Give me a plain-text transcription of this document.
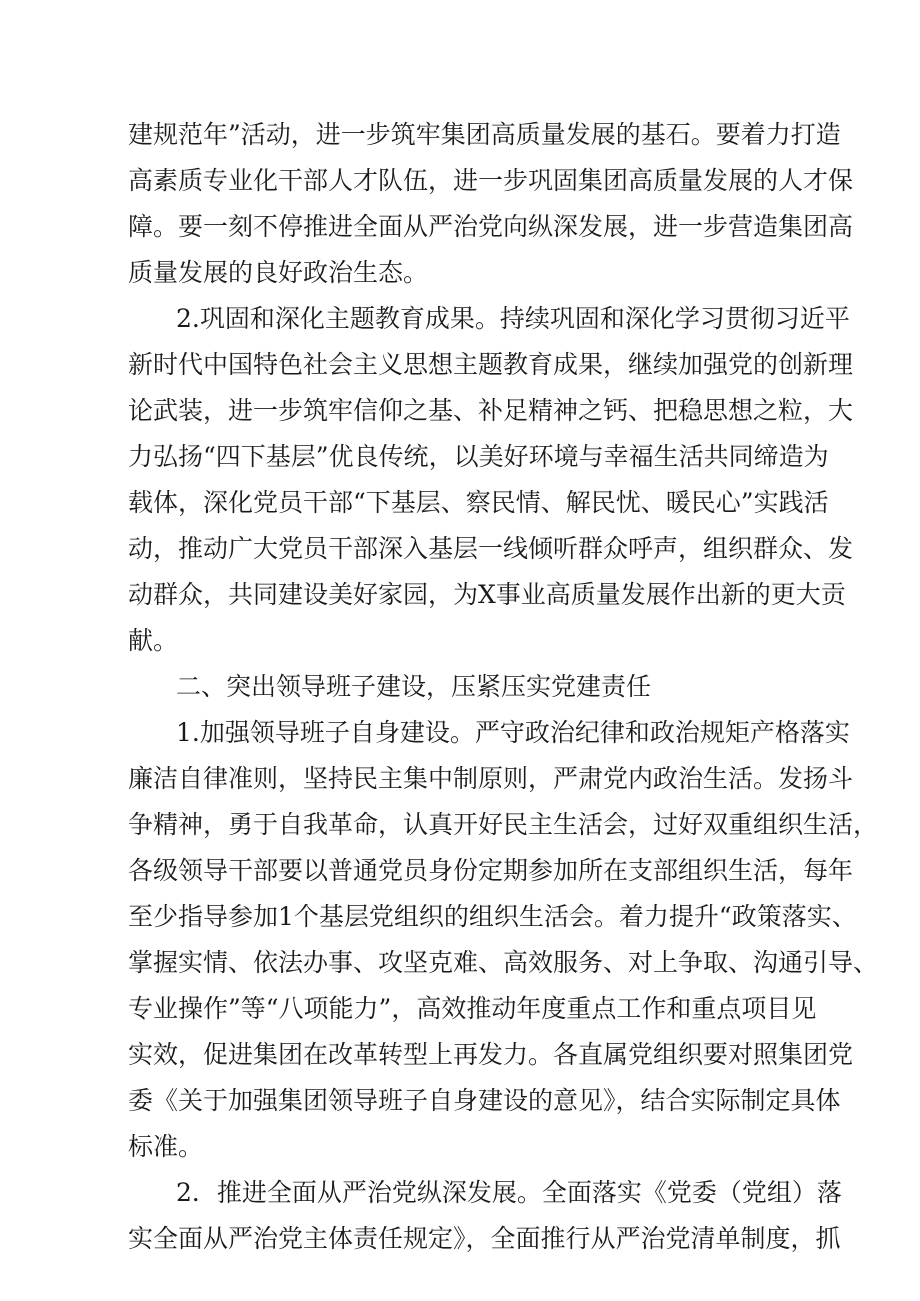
建规范年”活动，进一步筑牢集团高质量发展的基石。要着力打造
高素质专业化干部人才队伍，进一步巩固集团高质量发展的人才保
障。要一刻不停推进全面从严治党向纵深发展，进一步营造集团高
质量发展的良好政治生态。
2.巩固和深化主题教育成果。持续巩固和深化学习贯彻习近平
新时代中国特色社会主义思想主题教育成果，继续加强党的创新理
论武装，进一步筑牢信仰之基、补足精神之钙、把稳思想之粒，大
力弘扬“四下基层”优良传统，以美好环境与幸福生活共同缔造为
载体，深化党员干部“下基层、察民情、解民忧、暖民心”实践活
动，推动广大党员干部深入基层一线倾听群众呼声，组织群众、发
动群众，共同建设美好家园，为X事业高质量发展作出新的更大贡
献。
二、突出领导班子建设，压紧压实党建责任
1.加强领导班子自身建设。严守政治纪律和政治规矩产格落实
廉洁自律准则，坚持民主集中制原则，严肃党内政治生活。发扬斗
争精神，勇于自我革命，认真开好民主生活会，过好双重组织生活，
各级领导干部要以普通党员身份定期参加所在支部组织生活，每年
至少指导参加1个基层党组织的组织生活会。着力提升“政策落实、
掌握实情、依法办事、攻坚克难、高效服务、对上争取、沟通引导、
专业操作”等“八项能力”，高效推动年度重点工作和重点项目见
实效，促进集团在改革转型上再发力。各直属党组织要对照集团党
委《关于加强集团领导班子自身建设的意见》，结合实际制定具体
标准。
2．推进全面从严治党纵深发展。全面落实《党委（党组）落
实全面从严治党主体责任规定》，全面推行从严治党清单制度，抓
